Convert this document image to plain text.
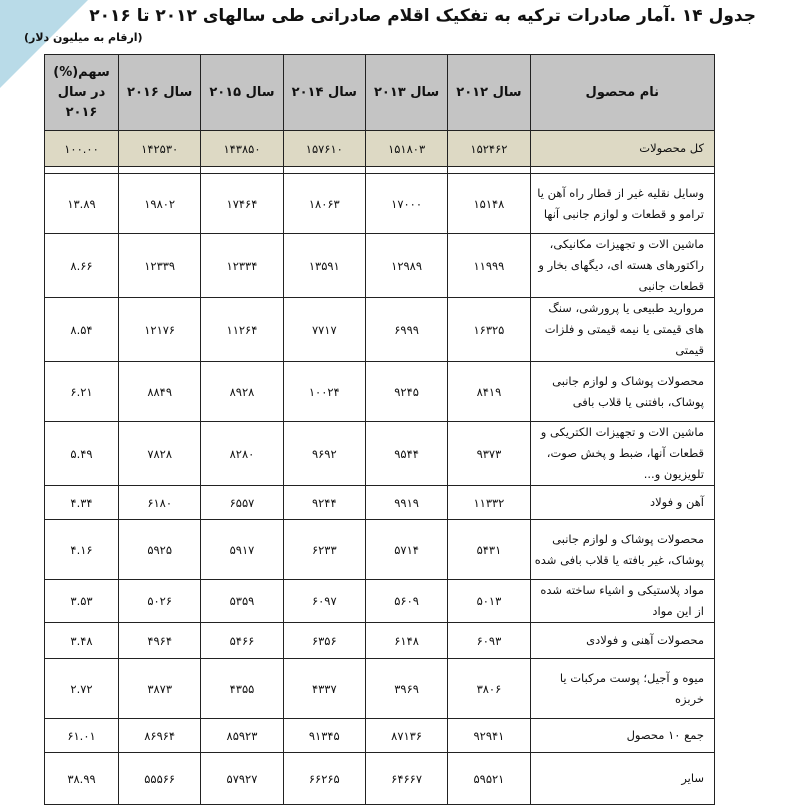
جدول ۱۴ .آمار صادرات ترکیه به تفکیک اقلام صادراتی طی سالهای ۲۰۱۲ تا ۲۰۱۶
(ارقام به میلیون دلار)
نام محصول	سال ۲۰۱۲	سال ۲۰۱۳	سال ۲۰۱۴	سال ۲۰۱۵	سال ۲۰۱۶	سهم(%) در سال ۲۰۱۶
کل محصولات	۱۵۲۴۶۲	۱۵۱۸۰۳	۱۵۷۶۱۰	۱۴۳۸۵۰	۱۴۲۵۳۰	۱۰۰.۰۰

وسایل نقلیه غیر از قطار راه آهن یا ترامو و قطعات و لوازم جانبی آنها	۱۵۱۴۸	۱۷۰۰۰	۱۸۰۶۳	۱۷۴۶۴	۱۹۸۰۲	۱۳.۸۹
ماشین الات و تجهیزات مکانیکی، راکتورهای هسته ای، دیگهای بخار و قطعات جانبی	۱۱۹۹۹	۱۲۹۸۹	۱۳۵۹۱	۱۲۳۳۴	۱۲۳۳۹	۸.۶۶
مروارید طبیعی یا پرورشی، سنگ های قیمتی یا نیمه قیمتی و فلزات قیمتی	۱۶۳۲۵	۶۹۹۹	۷۷۱۷	۱۱۲۶۴	۱۲۱۷۶	۸.۵۴
محصولات پوشاک و لوازم جانبی پوشاک، بافتنی یا قلاب بافی	۸۴۱۹	۹۲۴۵	۱۰۰۲۴	۸۹۲۸	۸۸۴۹	۶.۲۱
ماشین الات و تجهیزات الکتریکی و قطعات آنها، ضبط و پخش صوت، تلویزیون و...	۹۳۷۳	۹۵۴۴	۹۶۹۲	۸۲۸۰	۷۸۲۸	۵.۴۹
آهن و فولاد	۱۱۳۳۲	۹۹۱۹	۹۲۴۴	۶۵۵۷	۶۱۸۰	۴.۳۴
محصولات پوشاک و لوازم جانبی پوشاک، غیر بافته یا قلاب بافی شده	۵۴۳۱	۵۷۱۴	۶۲۳۳	۵۹۱۷	۵۹۲۵	۴.۱۶
مواد پلاستیکی و اشیاء ساخته شده از این مواد	۵۰۱۳	۵۶۰۹	۶۰۹۷	۵۳۵۹	۵۰۲۶	۳.۵۳
محصولات آهنی و فولادی	۶۰۹۳	۶۱۴۸	۶۳۵۶	۵۴۶۶	۴۹۶۴	۳.۴۸
میوه و آجیل؛ پوست مرکبات یا خربزه	۳۸۰۶	۳۹۶۹	۴۳۳۷	۴۳۵۵	۳۸۷۳	۲.۷۲
جمع ۱۰ محصول	۹۲۹۴۱	۸۷۱۳۶	۹۱۳۴۵	۸۵۹۲۳	۸۶۹۶۴	۶۱.۰۱
سایر	۵۹۵۲۱	۶۴۶۶۷	۶۶۲۶۵	۵۷۹۲۷	۵۵۵۶۶	۳۸.۹۹
